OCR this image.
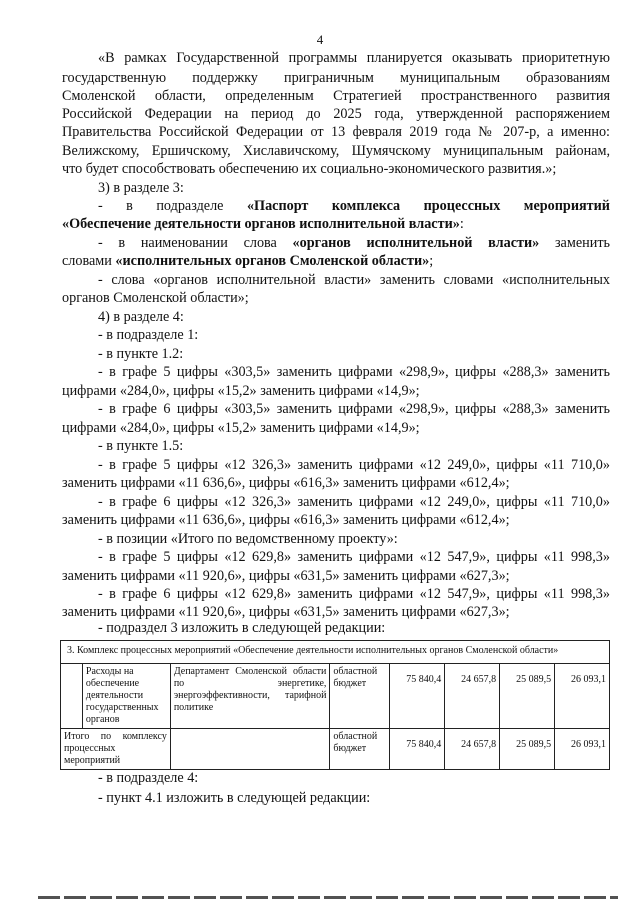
4
«В рамках Государственной программы планируется оказывать приоритетную
государственную поддержку приграничным муниципальным образованиям
Смоленской области, определенным Стратегией пространственного развития
Российской Федерации на период до 2025 года, утвержденной распоряжением
Правительства Российской Федерации от 13 февраля 2019 года № 207-р, а именно:
Велижскому, Ершичскому, Хиславичскому, Шумячскому муниципальным районам,
что будет способствовать обеспечению их социально-экономического развития.»;
3) в разделе 3:
- в подразделе «Паспорт комплекса процессных мероприятий
«Обеспечение деятельности органов исполнительной власти»:
- в наименовании слова «органов исполнительной власти» заменить
словами «исполнительных органов Смоленской области»;
- слова «органов исполнительной власти» заменить словами «исполнительных
органов Смоленской области»;
4) в разделе 4:
- в подразделе 1:
- в пункте 1.2:
- в графе 5 цифры «303,5» заменить цифрами «298,9», цифры «288,3» заменить
цифрами «284,0», цифры «15,2» заменить цифрами «14,9»;
- в графе 6 цифры «303,5» заменить цифрами «298,9», цифры «288,3» заменить
цифрами «284,0», цифры «15,2» заменить цифрами «14,9»;
- в пункте 1.5:
- в графе 5 цифры «12 326,3» заменить цифрами «12 249,0», цифры «11 710,0»
заменить цифрами «11 636,6», цифры «616,3» заменить цифрами «612,4»;
- в графе 6 цифры «12 326,3» заменить цифрами «12 249,0», цифры «11 710,0»
заменить цифрами «11 636,6», цифры «616,3» заменить цифрами «612,4»;
- в позиции «Итого по ведомственному проекту»:
- в графе 5 цифры «12 629,8» заменить цифрами «12 547,9», цифры «11 998,3»
заменить цифрами «11 920,6», цифры «631,5» заменить цифрами «627,3»;
- в графе 6 цифры «12 629,8» заменить цифрами «12 547,9», цифры «11 998,3»
заменить цифрами «11 920,6», цифры «631,5» заменить цифрами «627,3»;
- подраздел 3 изложить в следующей редакции:
3. Комплекс процессных мероприятий «Обеспечение деятельности исполнительных органов Смоленской области»							
	Расходы на обеспечение деятельности государственных органов	Департамент Смоленской области по энергетике, энергоэффективности, тарифной политике	областной бюджет	75 840,4	24 657,8	25 089,5	26 093,1
Итого по комплексу процессных мероприятий			областной бюджет	75 840,4	24 657,8	25 089,5	26 093,1
- в подразделе 4:
- пункт 4.1 изложить в следующей редакции:
